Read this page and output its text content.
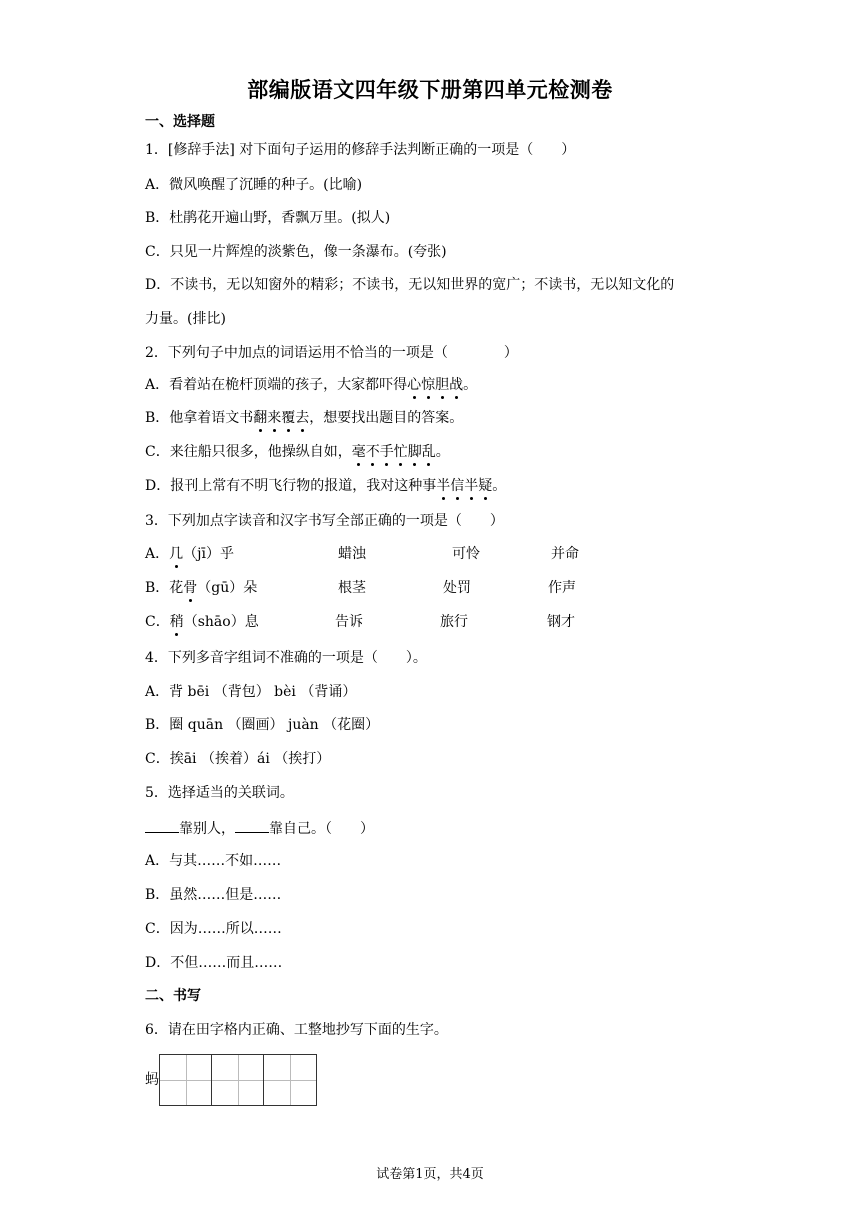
部编版语文四年级下册第四单元检测卷
一、选择题
1．[修辞手法] 对下面句子运用的修辞手法判断正确的一项是（　　）
A．微风唤醒了沉睡的种子。(比喻)
B．杜鹃花开遍山野，香飘万里。(拟人)
C．只见一片辉煌的淡紫色，像一条瀑布。(夸张)
D．不读书，无以知窗外的精彩；不读书，无以知世界的宽广；不读书，无以知文化的
力量。(排比)
2．下列句子中加点的词语运用不恰当的一项是（　　　　）
A．看着站在桅杆顶端的孩子，大家都吓得心惊胆战。
B．他拿着语文书翻来覆去，想要找出题目的答案。
C．来往船只很多，他操纵自如，毫不手忙脚乱。
D．报刊上常有不明飞行物的报道，我对这种事半信半疑。
3．下列加点字读音和汉字书写全部正确的一项是（　　）
A．几（jī）乎	蜡浊	可怜	并命
B．花骨（gū）朵	根茎	处罚	作声
C．稍（shāo）息	告诉	旅行	钢才
4．下列多音字组词不准确的一项是（　　）。
A．背 bēi （背包） bèi （背诵）
B．圈 quān （圈画） juàn （花圈）
C．挨āi （挨着）ái （挨打）
5．选择适当的关联词。
靠别人， 靠自己。（　　）
A．与其……不如……
B．虽然……但是……
C．因为……所以……
D．不但……而且……
二、书写
6．请在田字格内正确、工整地抄写下面的生字。
蚂
试卷第1页，共4页
